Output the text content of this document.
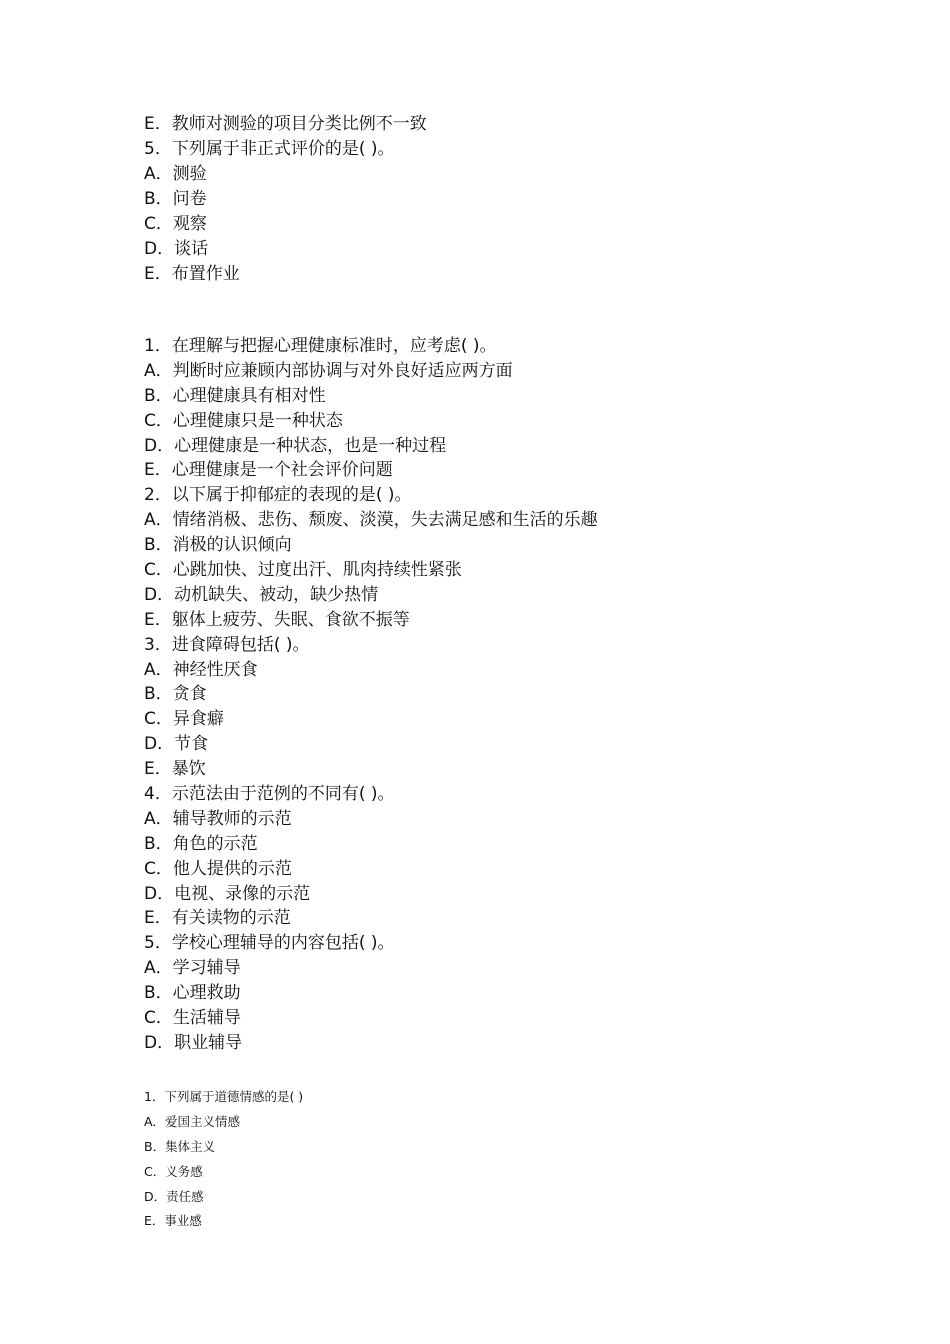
E．教师对测验的项目分类比例不一致
5．下列属于非正式评价的是( )。
A．测验
B．问卷
C．观察
D．谈话
E．布置作业
1．在理解与把握心理健康标准时，应考虑( )。
A．判断时应兼顾内部协调与对外良好适应两方面
B．心理健康具有相对性
C．心理健康只是一种状态
D．心理健康是一种状态，也是一种过程
E．心理健康是一个社会评价问题
2．以下属于抑郁症的表现的是( )。
A．情绪消极、悲伤、颓废、淡漠，失去满足感和生活的乐趣
B．消极的认识倾向
C．心跳加快、过度出汗、肌肉持续性紧张
D．动机缺失、被动，缺少热情
E．躯体上疲劳、失眠、食欲不振等
3．进食障碍包括( )。
A．神经性厌食
B．贪食
C．异食癖
D．节食
E．暴饮
4．示范法由于范例的不同有( )。
A．辅导教师的示范
B．角色的示范
C．他人提供的示范
D．电视、录像的示范
E．有关读物的示范
5．学校心理辅导的内容包括( )。
A．学习辅导
B．心理救助
C．生活辅导
D．职业辅导
1．下列属于道德情感的是( )
A．爱国主义情感
B．集体主义
C．义务感
D．责任感
E．事业感
